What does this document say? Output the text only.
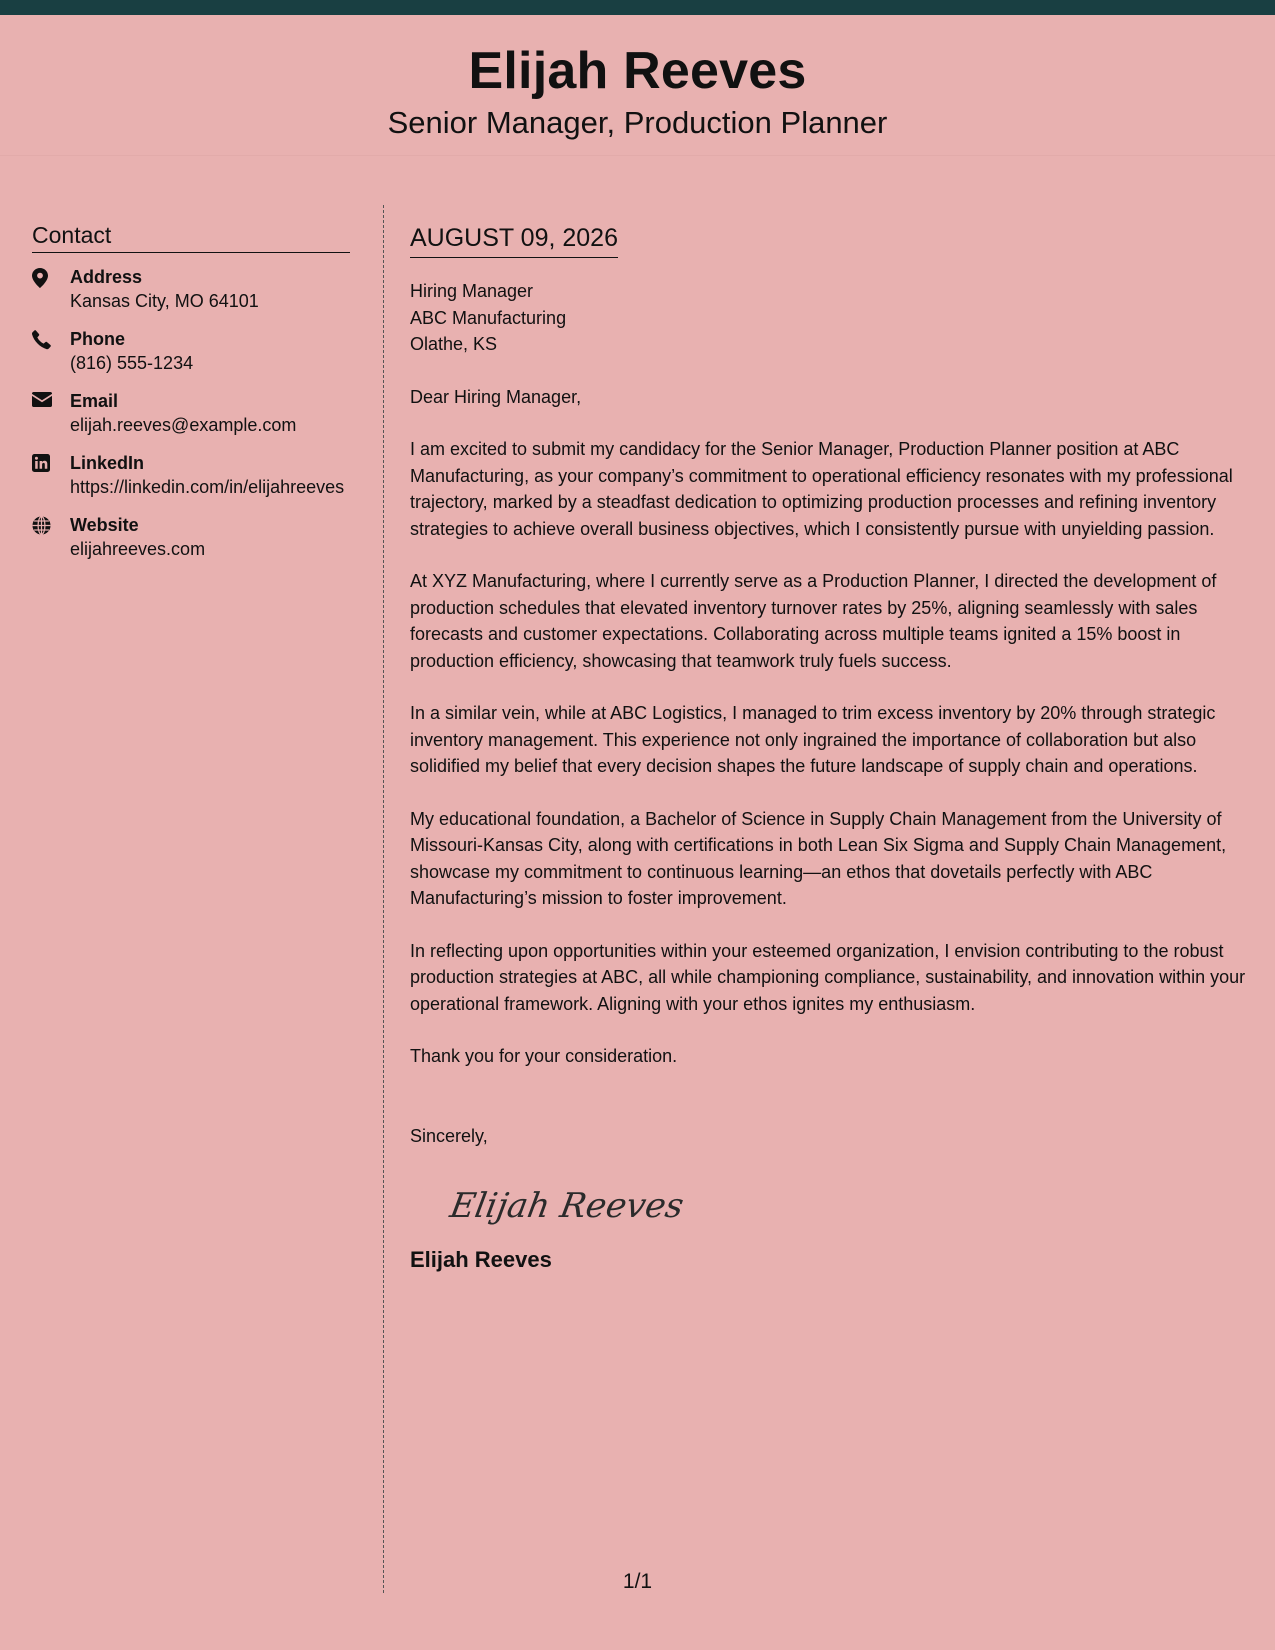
Elijah Reeves
Senior Manager, Production Planner
Contact
Address
Kansas City, MO 64101
Phone
(816) 555-1234
Email
elijah.reeves@example.com
LinkedIn
https://linkedin.com/in/elijahreeves
Website
elijahreeves.com
AUGUST 09, 2026
Hiring Manager
ABC Manufacturing
Olathe, KS
Dear Hiring Manager,
I am excited to submit my candidacy for the Senior Manager, Production Planner position at ABC Manufacturing, as your company’s commitment to operational efficiency resonates with my professional trajectory, marked by a steadfast dedication to optimizing production processes and refining inventory strategies to achieve overall business objectives, which I consistently pursue with unyielding passion.
At XYZ Manufacturing, where I currently serve as a Production Planner, I directed the development of production schedules that elevated inventory turnover rates by 25%, aligning seamlessly with sales forecasts and customer expectations. Collaborating across multiple teams ignited a 15% boost in production efficiency, showcasing that teamwork truly fuels success.
In a similar vein, while at ABC Logistics, I managed to trim excess inventory by 20% through strategic inventory management. This experience not only ingrained the importance of collaboration but also solidified my belief that every decision shapes the future landscape of supply chain and operations.
My educational foundation, a Bachelor of Science in Supply Chain Management from the University of Missouri-Kansas City, along with certifications in both Lean Six Sigma and Supply Chain Management, showcase my commitment to continuous learning—an ethos that dovetails perfectly with ABC Manufacturing’s mission to foster improvement.
In reflecting upon opportunities within your esteemed organization, I envision contributing to the robust production strategies at ABC, all while championing compliance, sustainability, and innovation within your operational framework. Aligning with your ethos ignites my enthusiasm.
Thank you for your consideration.
Sincerely,
Elijah Reeves
Elijah Reeves
1/1
